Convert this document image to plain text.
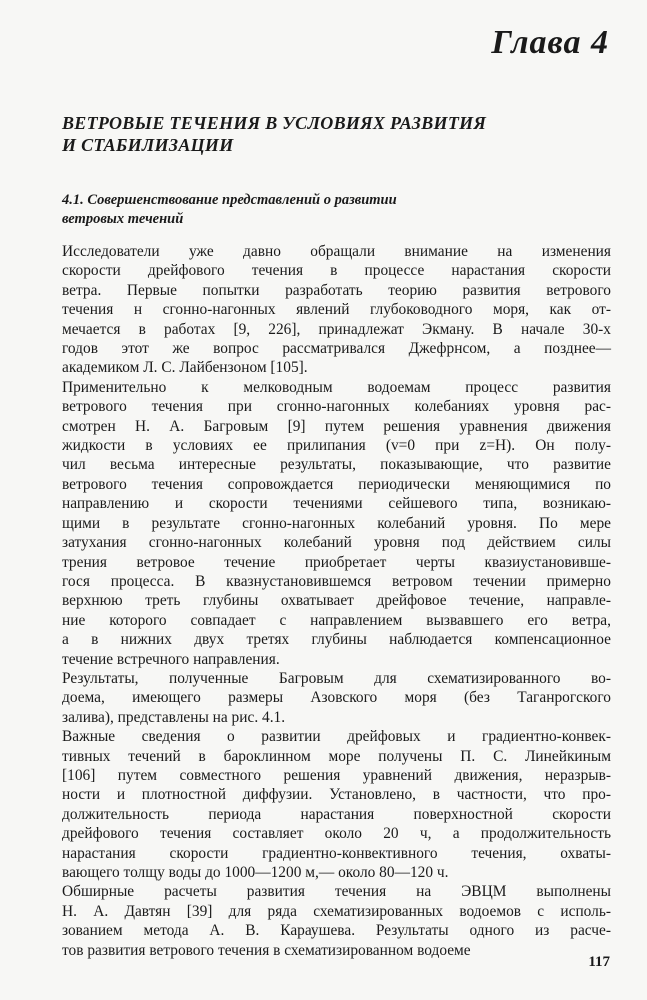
Глава 4
ВЕТРОВЫЕ ТЕЧЕНИЯ В УСЛОВИЯХ РАЗВИТИЯ
И СТАБИЛИЗАЦИИ
4.1. Совершенствование представлений о развитии
ветровых течений
Исследователи уже давно обращали внимание на изменения
скорости дрейфового течения в процессе нарастания скорости
ветра. Первые попытки разработать теорию развития ветрового
течения н сгонно-нагонных явлений глубоководного моря, как от-
мечается в работах [9, 226], принадлежат Экману. В начале 30-х
годов этот же вопрос рассматривался Джефрнсом, а позднее—
академиком Л. С. Лайбензоном [105].
Применительно к мелководным водоемам процесс развития
ветрового течения при сгонно-нагонных колебаниях уровня рас-
смотрен Н. А. Багровым [9] путем решения уравнения движения
жидкости в условиях ее прилипания (v=0 при z=H). Он полу-
чил весьма интересные результаты, показывающие, что развитие
ветрового течения сопровождается периодически меняющимися по
направлению и скорости течениями сейшевого типа, возникаю-
щими в результате сгонно-нагонных колебаний уровня. По мере
затухания сгонно-нагонных колебаний уровня под действием силы
трения ветровое течение приобретает черты квазиустановивше-
гося процесса. В квазнустановившемся ветровом течении примерно
верхнюю треть глубины охватывает дрейфовое течение, направле-
ние которого совпадает с направлением вызвавшего его ветра,
а в нижних двух третях глубины наблюдается компенсационное
течение встречного направления.
Результаты, полученные Багровым для схематизированного во-
доема, имеющего размеры Азовского моря (без Таганрогского
залива), представлены на рис. 4.1.
Важные сведения о развитии дрейфовых и градиентно-конвек-
тивных течений в бароклинном море получены П. С. Линейкиным
[106] путем совместного решения уравнений движения, неразрыв-
ности и плотностной диффузии. Установлено, в частности, что про-
должительность периода нарастания поверхностной скорости
дрейфового течения составляет около 20 ч, а продолжительность
нарастания скорости градиентно-конвективного течения, охваты-
вающего толщу воды до 1000—1200 м,— около 80—120 ч.
Обширные расчеты развития течения на ЭВЦМ выполнены
Н. А. Давтян [39] для ряда схематизированных водоемов с исполь-
зованием метода А. В. Караушева. Результаты одного из расче-
тов развития ветрового течения в схематизированном водоеме
117
